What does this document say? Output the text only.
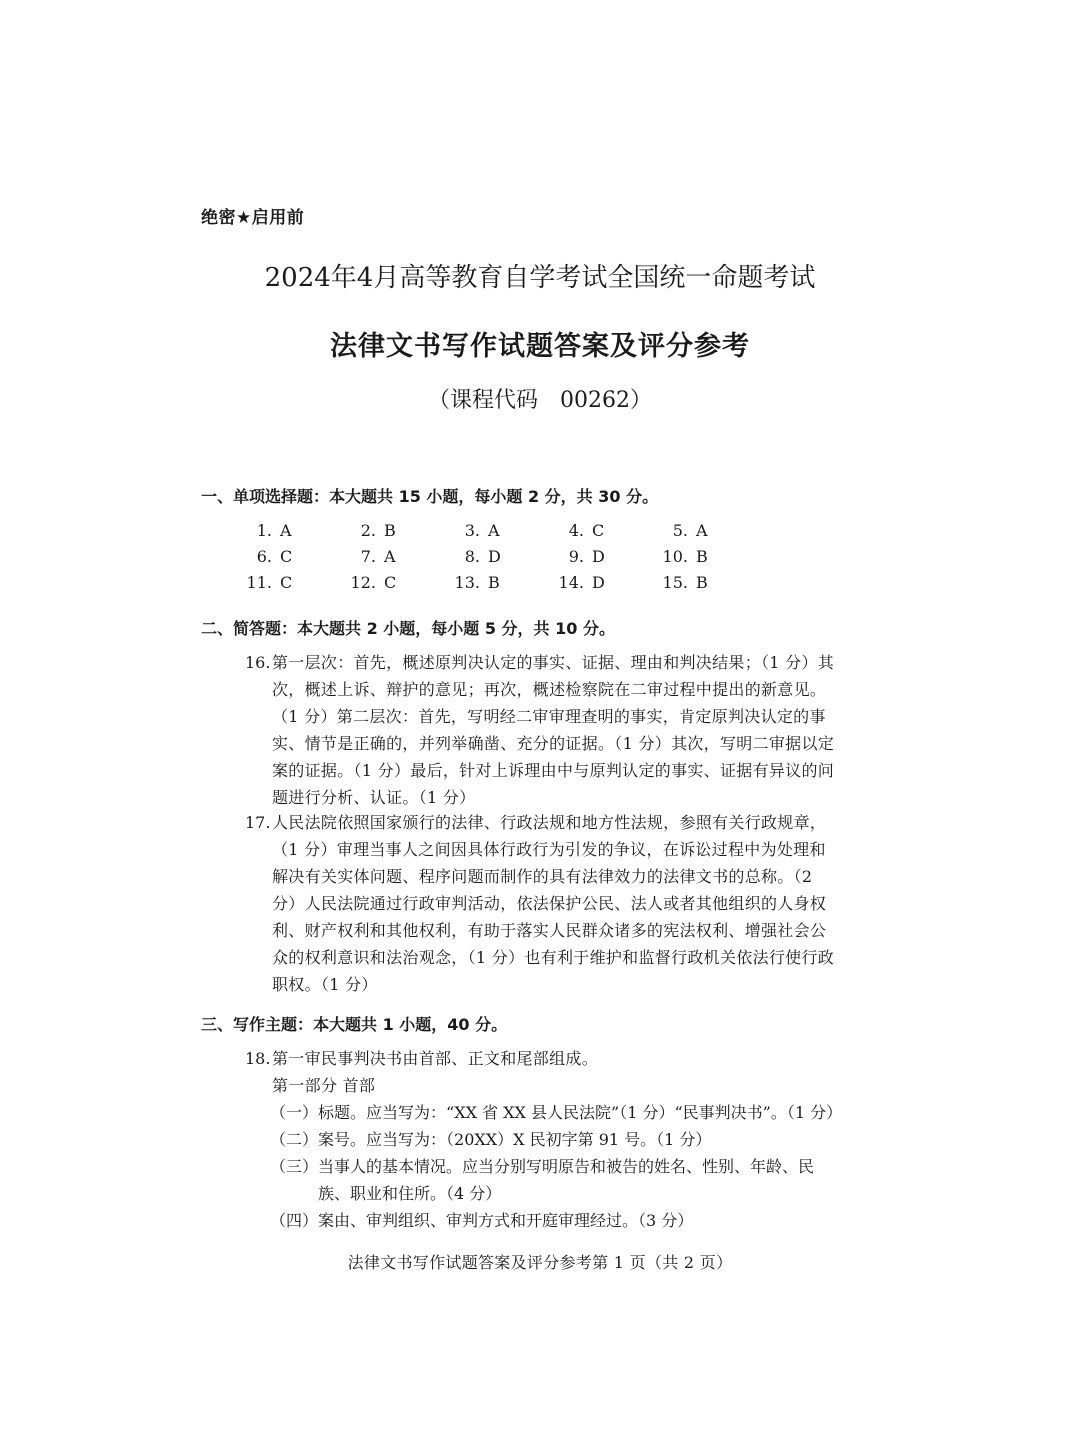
绝密★启用前
2024年4月高等教育自学考试全国统一命题考试
法律文书写作试题答案及评分参考
（课程代码　00262）
一、单项选择题：本大题共 15 小题，每小题 2 分，共 30 分。
1. A	2. B	3. A	4. C	5. A
6. C	7. A	8. D	9. D	10. B
11. C	12. C	13. B	14. D	15. B
二、简答题：本大题共 2 小题，每小题 5 分，共 10 分。
16. 第一层次：首先，概述原判决认定的事实、证据、理由和判决结果；（1 分）其
次，概述上诉、辩护的意见；再次，概述检察院在二审过程中提出的新意见。
（1 分）第二层次：首先，写明经二审审理查明的事实，肯定原判决认定的事
实、情节是正确的，并列举确凿、充分的证据。（1 分）其次，写明二审据以定
案的证据。（1 分）最后，针对上诉理由中与原判认定的事实、证据有异议的问
题进行分析、认证。（1 分）
17. 人民法院依照国家颁行的法律、行政法规和地方性法规，参照有关行政规章，
（1 分）审理当事人之间因具体行政行为引发的争议，在诉讼过程中为处理和
解决有关实体问题、程序问题而制作的具有法律效力的法律文书的总称。（2
分）人民法院通过行政审判活动，依法保护公民、法人或者其他组织的人身权
利、财产权利和其他权利，有助于落实人民群众诸多的宪法权利、增强社会公
众的权利意识和法治观念，（1 分）也有利于维护和监督行政机关依法行使行政
职权。（1 分）
三、写作主题：本大题共 1 小题，40 分。
18. 第一审民事判决书由首部、正文和尾部组成。
第一部分 首部
（一）标题。应当写为：“XX 省 XX 县人民法院”（1 分）“民事判决书”。（1 分）
（二）案号。应当写为：（20XX）X 民初字第 91 号。（1 分）
（三）当事人的基本情况。应当分别写明原告和被告的姓名、性别、年龄、民
族、职业和住所。（4 分）
（四）案由、审判组织、审判方式和开庭审理经过。（3 分）
法律文书写作试题答案及评分参考第 1 页（共 2 页）
